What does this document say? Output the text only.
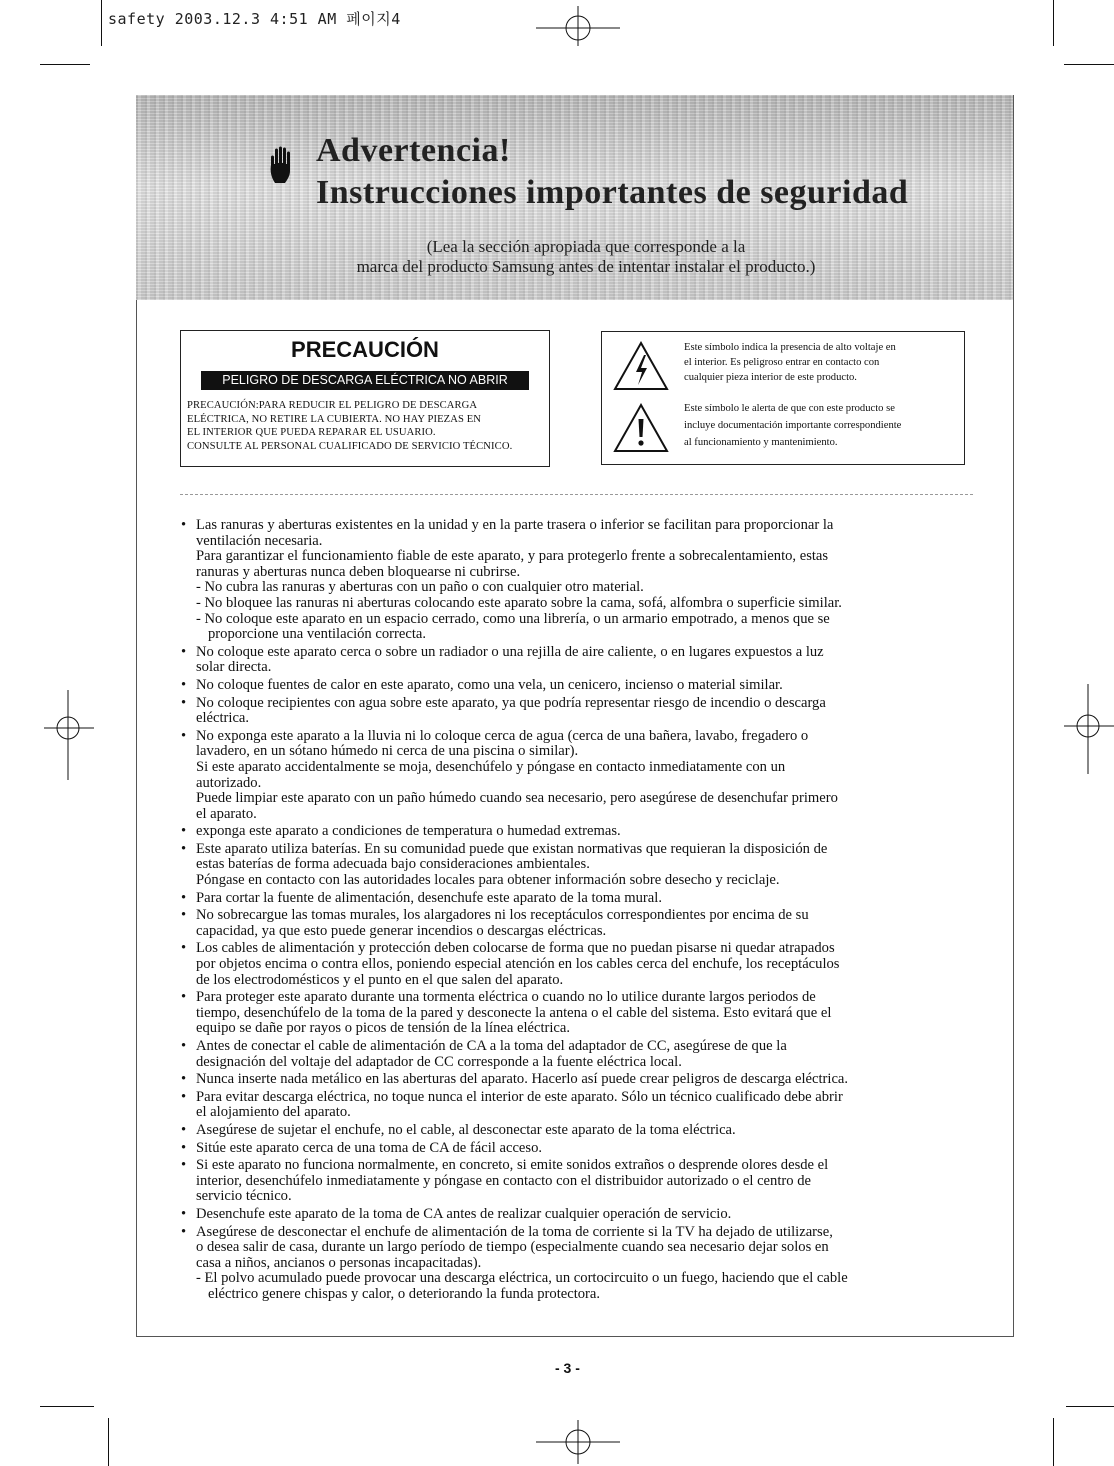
safety 2003.12.3 4:51 AM 페이지4
Advertencia!
Instrucciones importantes de seguridad
(Lea la sección apropiada que corresponde a la
marca del producto Samsung antes de intentar instalar el producto.)
PRECAUCIÓN
PELIGRO DE DESCARGA ELÉCTRICA NO ABRIR
PRECAUCIÓN:PARA REDUCIR EL PELIGRO DE DESCARGA
ELÉCTRICA, NO RETIRE LA CUBIERTA. NO HAY PIEZAS EN
EL INTERIOR QUE PUEDA REPARAR EL USUARIO.
CONSULTE AL PERSONAL CUALIFICADO DE SERVICIO TÉCNICO.
Este símbolo indica la presencia de alto voltaje en
el interior. Es peligroso entrar en contacto con
cualquier pieza interior de este producto.
Este símbolo le alerta de que con este producto se
incluye documentación importante correspondiente
al funcionamiento y mantenimiento.
• Las ranuras y aberturas existentes en la unidad y en la parte trasera o inferior se facilitan para proporcionar la
ventilación necesaria.
Para garantizar el funcionamiento fiable de este aparato, y para protegerlo frente a sobrecalentamiento, estas
ranuras y aberturas nunca deben bloquearse ni cubrirse.
- No cubra las ranuras y aberturas con un paño o con cualquier otro material.
- No bloquee las ranuras ni aberturas colocando este aparato sobre la cama, sofá, alfombra o superficie similar.
- No coloque este aparato en un espacio cerrado, como una librería, o un armario empotrado, a menos que se
proporcione una ventilación correcta.
• No coloque este aparato cerca o sobre un radiador o una rejilla de aire caliente, o en lugares expuestos a luz
solar directa.
• No coloque fuentes de calor en este aparato, como una vela, un cenicero, incienso o material similar.
• No coloque recipientes con agua sobre este aparato, ya que podría representar riesgo de incendio o descarga
eléctrica.
• No exponga este aparato a la lluvia ni lo coloque cerca de agua (cerca de una bañera, lavabo, fregadero o
lavadero, en un sótano húmedo ni cerca de una piscina o similar).
Si este aparato accidentalmente se moja, desenchúfelo y póngase en contacto inmediatamente con un
autorizado.
Puede limpiar este aparato con un paño húmedo cuando sea necesario, pero asegúrese de desenchufar primero
el aparato.
• exponga este aparato a condiciones de temperatura o humedad extremas.
• Este aparato utiliza baterías. En su comunidad puede que existan normativas que requieran la disposición de
estas baterías de forma adecuada bajo consideraciones ambientales.
Póngase en contacto con las autoridades locales para obtener información sobre desecho y reciclaje.
• Para cortar la fuente de alimentación, desenchufe este aparato de la toma mural.
• No sobrecargue las tomas murales, los alargadores ni los receptáculos correspondientes por encima de su
capacidad, ya que esto puede generar incendios o descargas eléctricas.
• Los cables de alimentación y protección deben colocarse de forma que no puedan pisarse ni quedar atrapados
por objetos encima o contra ellos, poniendo especial atención en los cables cerca del enchufe, los receptáculos
de los electrodomésticos y el punto en el que salen del aparato.
• Para proteger este aparato durante una tormenta eléctrica o cuando no lo utilice durante largos periodos de
tiempo, desenchúfelo de la toma de la pared y desconecte la antena o el cable del sistema. Esto evitará que el
equipo se dañe por rayos o picos de tensión de la línea eléctrica.
• Antes de conectar el cable de alimentación de CA a la toma del adaptador de CC, asegúrese de que la
designación del voltaje del adaptador de CC corresponde a la fuente eléctrica local.
• Nunca inserte nada metálico en las aberturas del aparato. Hacerlo así puede crear peligros de descarga eléctrica.
• Para evitar descarga eléctrica, no toque nunca el interior de este aparato. Sólo un técnico cualificado debe abrir
el alojamiento del aparato.
• Asegúrese de sujetar el enchufe, no el cable, al desconectar este aparato de la toma eléctrica.
• Sitúe este aparato cerca de una toma de CA de fácil acceso.
• Si este aparato no funciona normalmente, en concreto, si emite sonidos extraños o desprende olores desde el
interior, desenchúfelo inmediatamente y póngase en contacto con el distribuidor autorizado o el centro de
servicio técnico.
• Desenchufe este aparato de la toma de CA antes de realizar cualquier operación de servicio.
• Asegúrese de desconectar el enchufe de alimentación de la toma de corriente si la TV ha dejado de utilizarse,
o desea salir de casa, durante un largo período de tiempo (especialmente cuando sea necesario dejar solos en
casa a niños, ancianos o personas incapacitadas).
- El polvo acumulado puede provocar una descarga eléctrica, un cortocircuito o un fuego, haciendo que el cable
eléctrico genere chispas y calor, o deteriorando la funda protectora.
- 3 -
